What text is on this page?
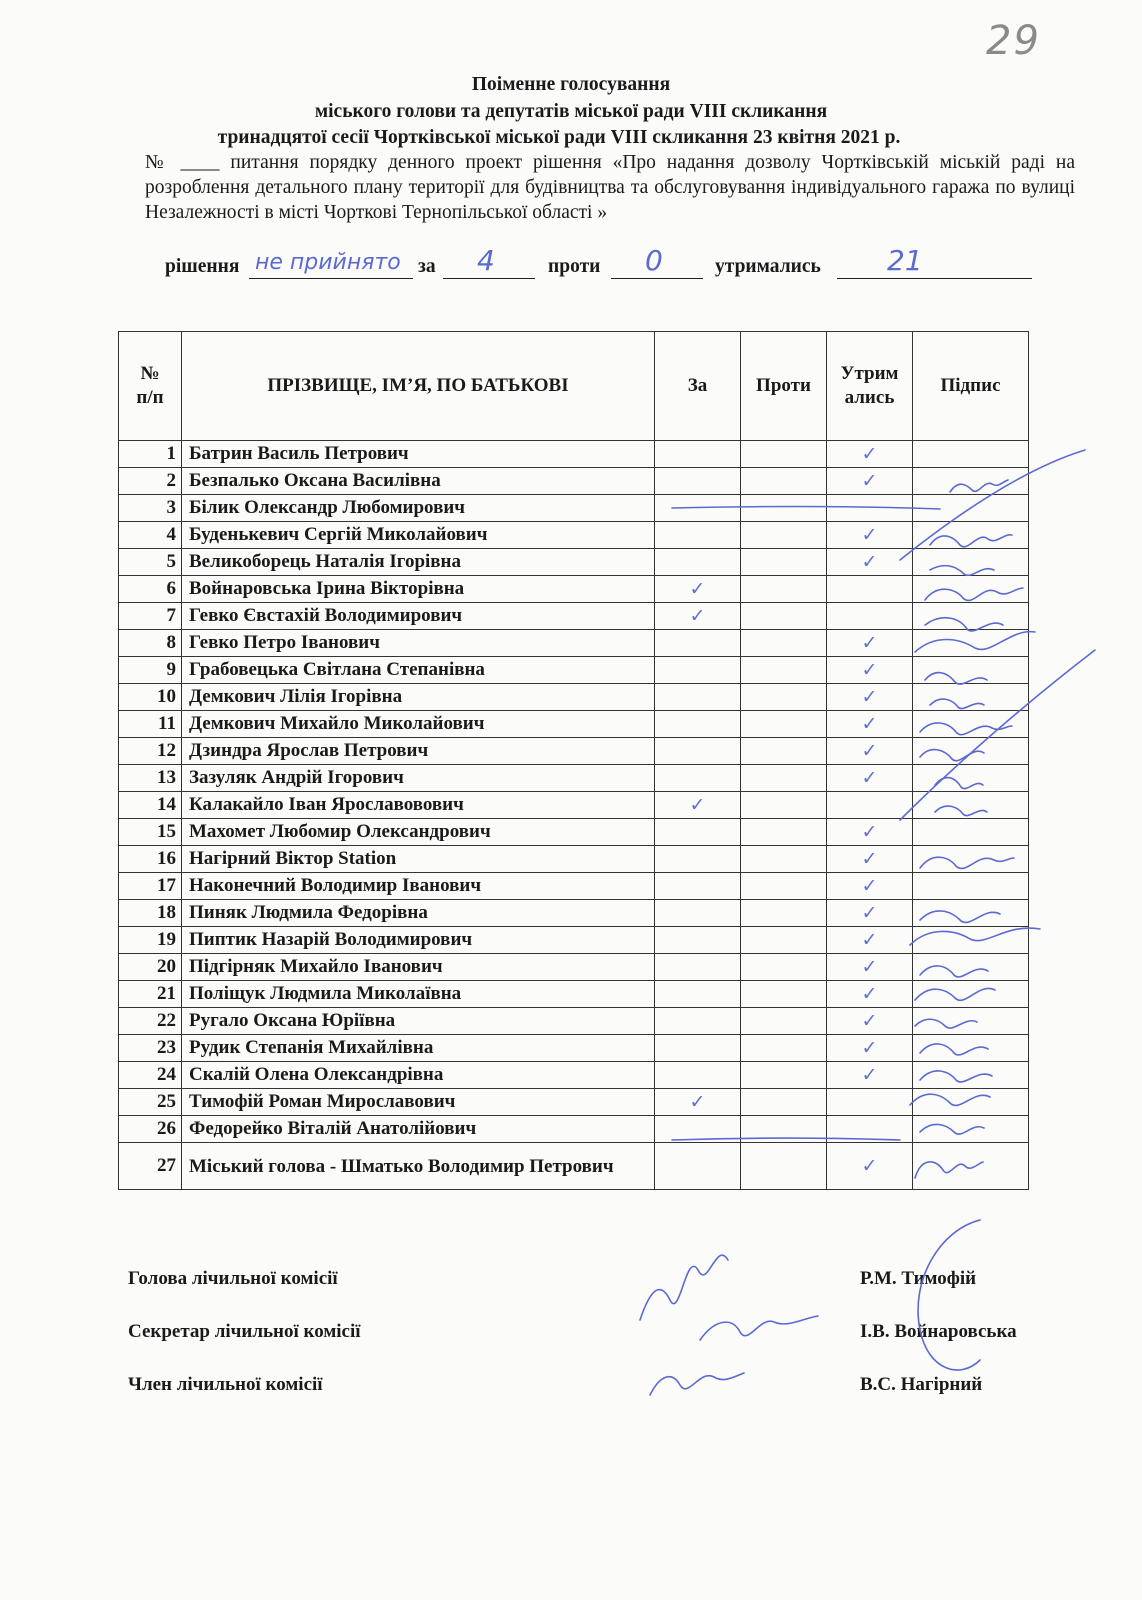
29
Поіменне голосування
міського голови та депутатів міської ради VIII скликання
тринадцятої сесії Чортківської міської ради VIII скликання 23 квітня 2021 р.
№ ____ питання порядку денного проект рішення «Про надання дозволу Чортківській міській раді на розроблення детального плану території для будівництва та обслуговування індивідуального гаража по вулиці Незалежності в місті Чорткові Тернопільської області »
рішення не прийнято за 4	проти 0	утримались 21
№ п/п	ПРІЗВИЩЕ, ІМ’Я, ПО БАТЬКОВІ	За	Проти	Утримались	Підпис
1	Батрин Василь Петрович			✓	
2	Безпалько Оксана Василівна			✓	
3	Білик Олександр Любомирович				
4	Буденькевич Сергій Миколайович			✓	
5	Великоборець Наталія Ігорівна			✓	
6	Войнаровська Ірина Вікторівна	✓			
7	Гевко Євстахій Володимирович	✓			
8	Гевко Петро Іванович			✓	
9	Грабовецька Світлана Степанівна			✓	
10	Демкович Лілія Ігорівна			✓	
11	Демкович Михайло Миколайович			✓	
12	Дзиндра Ярослав Петрович			✓	
13	Зазуляк Андрій Ігорович			✓	
14	Калакайло Іван Ярославовович	✓			
15	Махомет Любомир Олександрович			✓	
16	Нагірний Віктор Station			✓	
17	Наконечний Володимир Іванович			✓	
18	Пиняк Людмила Федорівна			✓	
19	Пиптик Назарій Володимирович			✓	
20	Підгірняк Михайло Іванович			✓	
21	Поліщук Людмила Миколаївна			✓	
22	Ругало Оксана Юріївна			✓	
23	Рудик Степанія Михайлівна			✓	
24	Скалій Олена Олександрівна			✓	
25	Тимофій Роман Мирославович	✓			
26	Федорейко Віталій Анатолійович				
27	Міський голова - Шматько Володимир Петрович			✓	
Голова лічильної комісії	Р.М. Тимофій
Секретар лічильної комісії	І.В. Войнаровська
Член лічильної комісії	В.С. Нагірний
